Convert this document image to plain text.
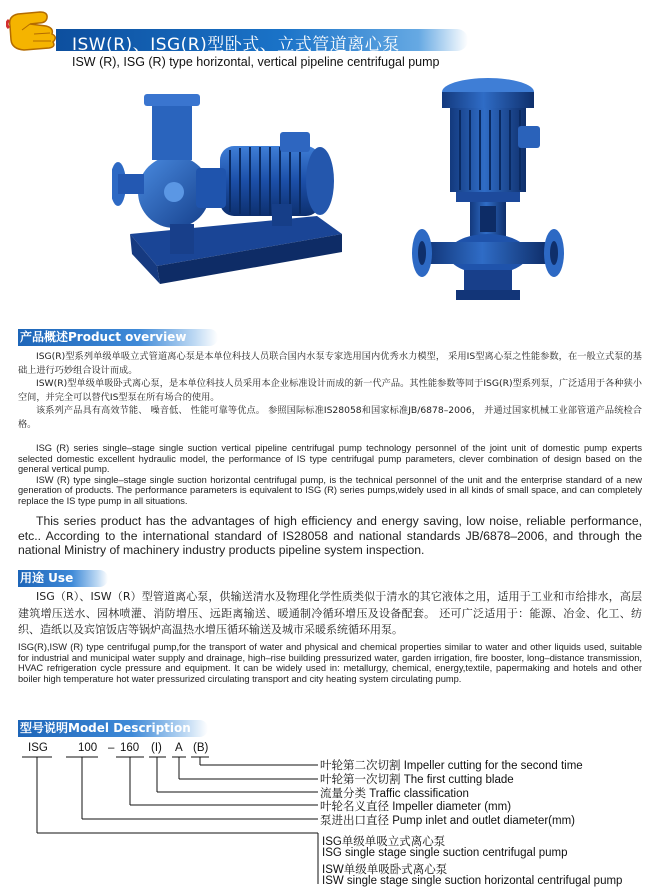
ISW(R)、ISG(R)型卧式、立式管道离心泵
ISW (R), ISG (R) type horizontal, vertical pipeline centrifugal pump
产品概述Product overview

ISG(R)型系列单级单吸立式管道离心泵是本单位科技人员联合国内水泵专家选用国内优秀水力模型， 采用IS型离心泵之性能参数，在一般立式泵的基础上进行巧妙组合设计而成。

ISW(R)型单级单吸卧式离心泵，是本单位科技人员采用本企业标准设计而成的新一代产品。其性能参数等同于ISG(R)型系列泵，广泛适用于各种狭小空间，并完全可以替代IS型泵在所有场合的使用。

该系列产品具有高效节能、 噪音低、 性能可靠等优点。 参照国际标准IS28058和国家标准JB/6878–2006， 并通过国家机械工业部管道产品统检合格。

ISG (R) series single–stage single suction vertical pipeline centrifugal pump technology personnel of the joint unit of domestic pump experts selected domestic excellent hydraulic model, the performance of IS type centrifugal pump parameters, clever combination of design based on the general vertical pump.

ISW (R) type single–stage single suction horizontal centrifugal pump, is the technical personnel of the unit and the enterprise standard of a new generation of products. The performance parameters is equivalent to ISG (R) series pumps,widely used in all kinds of small space, and can completely replace the IS type pump in all situations.

This series product has the advantages of high efficiency and energy saving, low noise, reliable performance, etc.. According to the international standard of IS28058 and national standards JB/6878–2006, and through the national Ministry of machinery industry products pipeline system inspection.

用途 Use

ISG（R）、ISW（R）型管道离心泵，供输送清水及物理化学性质类似于清水的其它液体之用，适用于工业和市给排水，高层建筑增压送水、园林喷灌、消防增压、远距离输送、暖通制冷循环增压及设备配套。 还可广泛适用于：能源、冶金、化工、纺织、造纸以及宾馆饭店等锅炉高温热水增压循环输送及城市采暖系统循环用泵。

ISG(R),ISW (R) type centrifugal pump,for the transport of water and physical and chemical properties similar to water and other liquids used, suitable for industrial and municipal water supply and drainage, high–rise building pressurized water, garden irrigation, fire booster, long–distance transmission, HVAC refrigeration cycle pressure and equipment. It can be widely used in: metallurgy, chemical, energy,textile, papermaking and hotels and other boiler high temperature hot water pressurized circulating transport and city heating system circulating pump.

型号说明Model Description
ISG	100 – 160 (I) A (B)
叶轮第二次切割 Impeller cutting for the second time
叶轮第一次切割 The first cutting blade
流量分类 Traffic classification
叶轮名义直径 Impeller diameter (mm)
泵进出口直径 Pump inlet and outlet diameter(mm)
ISG单级单吸立式离心泵
ISG single stage single suction centrifugal pump
ISW单级单吸卧式离心泵
ISW single stage single suction horizontal centrifugal pump
